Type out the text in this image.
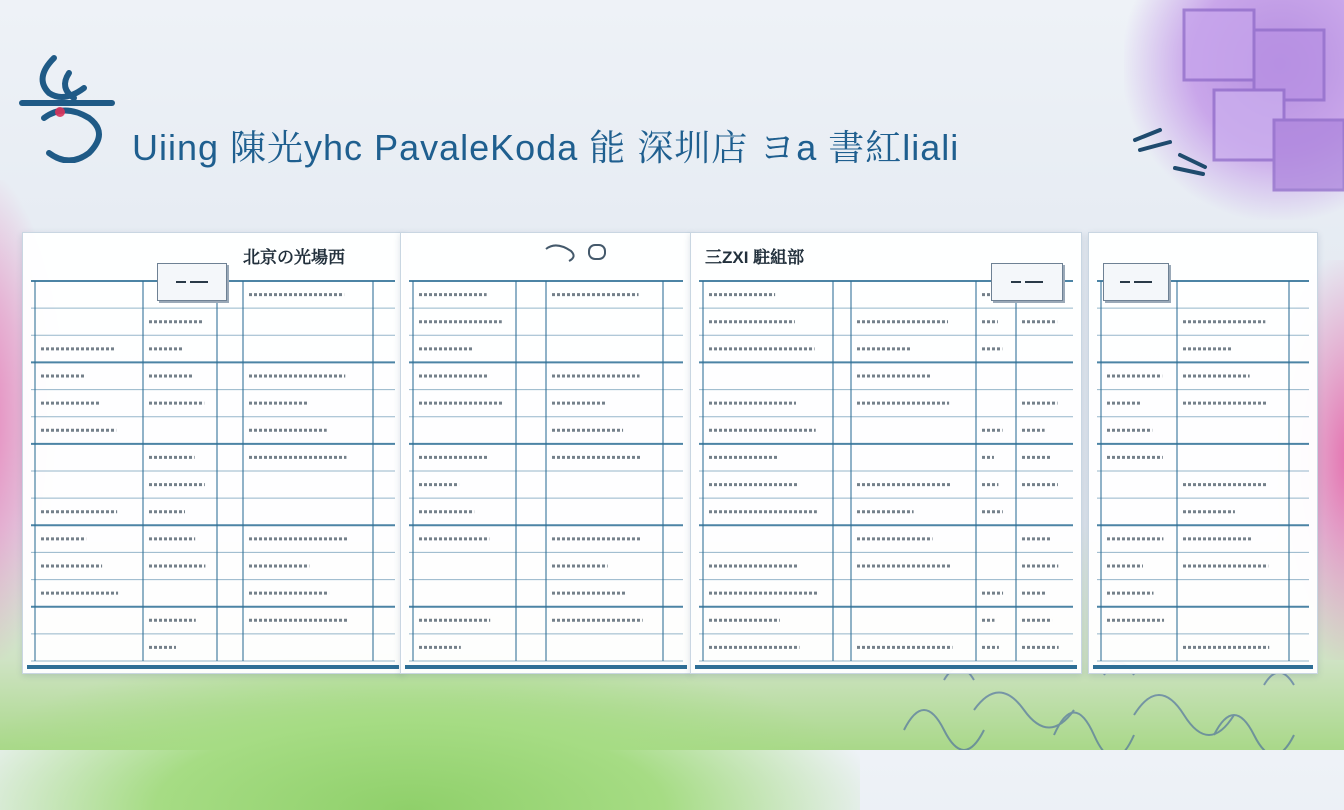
Uiing 陳光yhc PavaleKoda 能 深圳店 ヨa 書紅liali
北京の光場西	三ZXI 駐組部
